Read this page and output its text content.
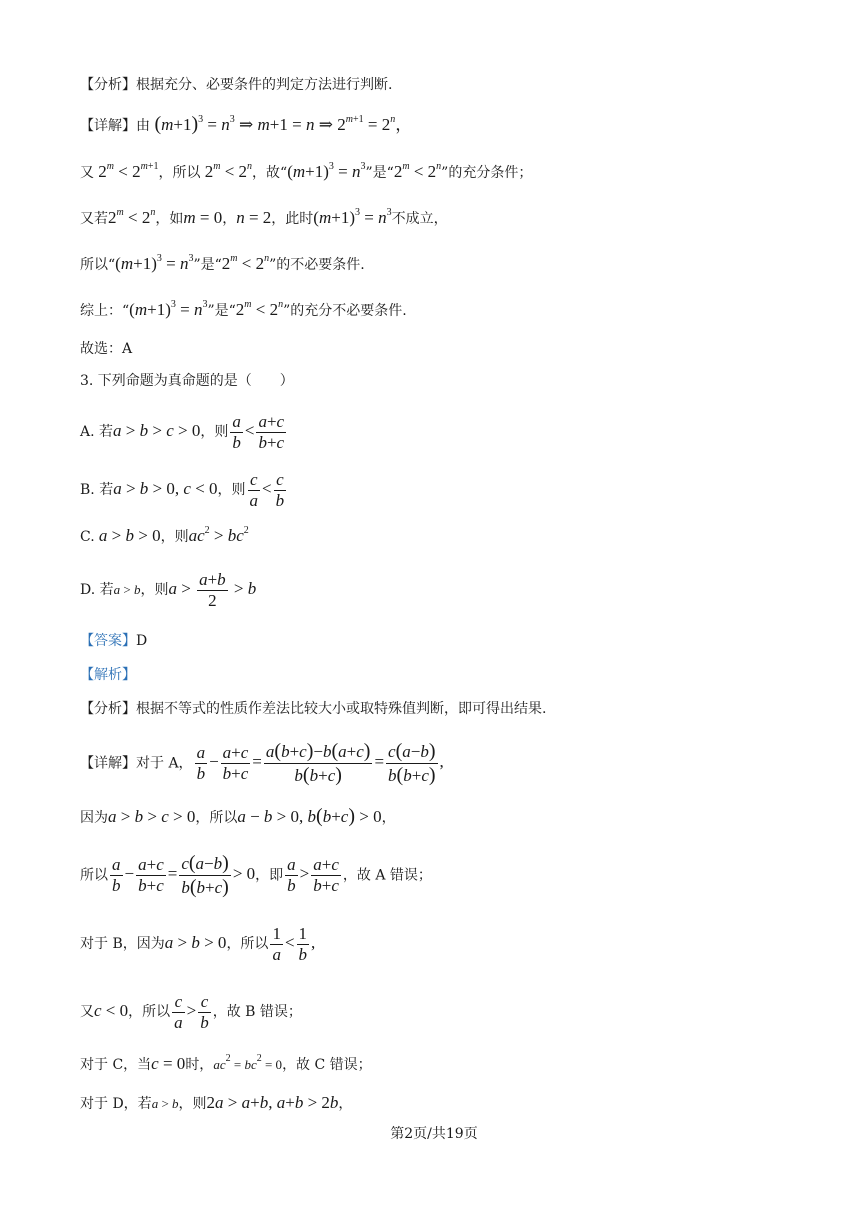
【分析】根据充分、必要条件的判定方法进行判断.
【详解】由 $(m+1)^3 = n^3$ ⇒ m+1 = n ⇒ $2^{m+1} = 2^n$，
又 $2^m < 2^{m+1}$，所以 $2^m < 2^n$，故“$(m+1)^3 = n^3$”是“$2^m < 2^n$”的充分条件；
又若$2^m < 2^n$，如m = 0，n = 2，此时$(m+1)^3 = n^3$不成立，
所以“$(m+1)^3 = n^3$”是“$2^m < 2^n$”的不必要条件.
综上：“$(m+1)^3 = n^3$”是“$2^m < 2^n$”的充分不必要条件.
故选：A
3. 下列命题为真命题的是（　　）
A. 若a > b > c > 0，则 $\frac{a}{b} < \frac{a+c}{b+c}$
B. 若a > b > 0, c < 0，则 $\frac{c}{a} < \frac{c}{b}$
C. a > b > 0，则$ac^2 > bc^2$
D. 若a > b，则$a > \frac{a+b}{2} > b$
【答案】D
【解析】
【分析】根据不等式的性质作差法比较大小或取特殊值判断，即可得出结果.
【详解】对于 A， $\frac{a}{b} - \frac{a+c}{b+c} = \frac{a(b+c)-b(a+c)}{b(b+c)} = \frac{c(a-b)}{b(b+c)}$ ,
因为a > b > c > 0，所以a − b > 0, b(b+c) > 0，
所以 $\frac{a}{b} - \frac{a+c}{b+c} = \frac{c(a-b)}{b(b+c)} > 0$，即 $\frac{a}{b} > \frac{a+c}{b+c}$ ，故 A 错误；
对于 B，因为a > b > 0，所以 $\frac{1}{a} < \frac{1}{b}$ ,
又c < 0，所以 $\frac{c}{a} > \frac{c}{b}$ ，故 B 错误；
对于 C，当c = 0时，$ac^2 = bc^2 = 0$，故 C 错误；
对于 D，若a > b，则2a > a+b, a+b > 2b，
第2页/共19页
